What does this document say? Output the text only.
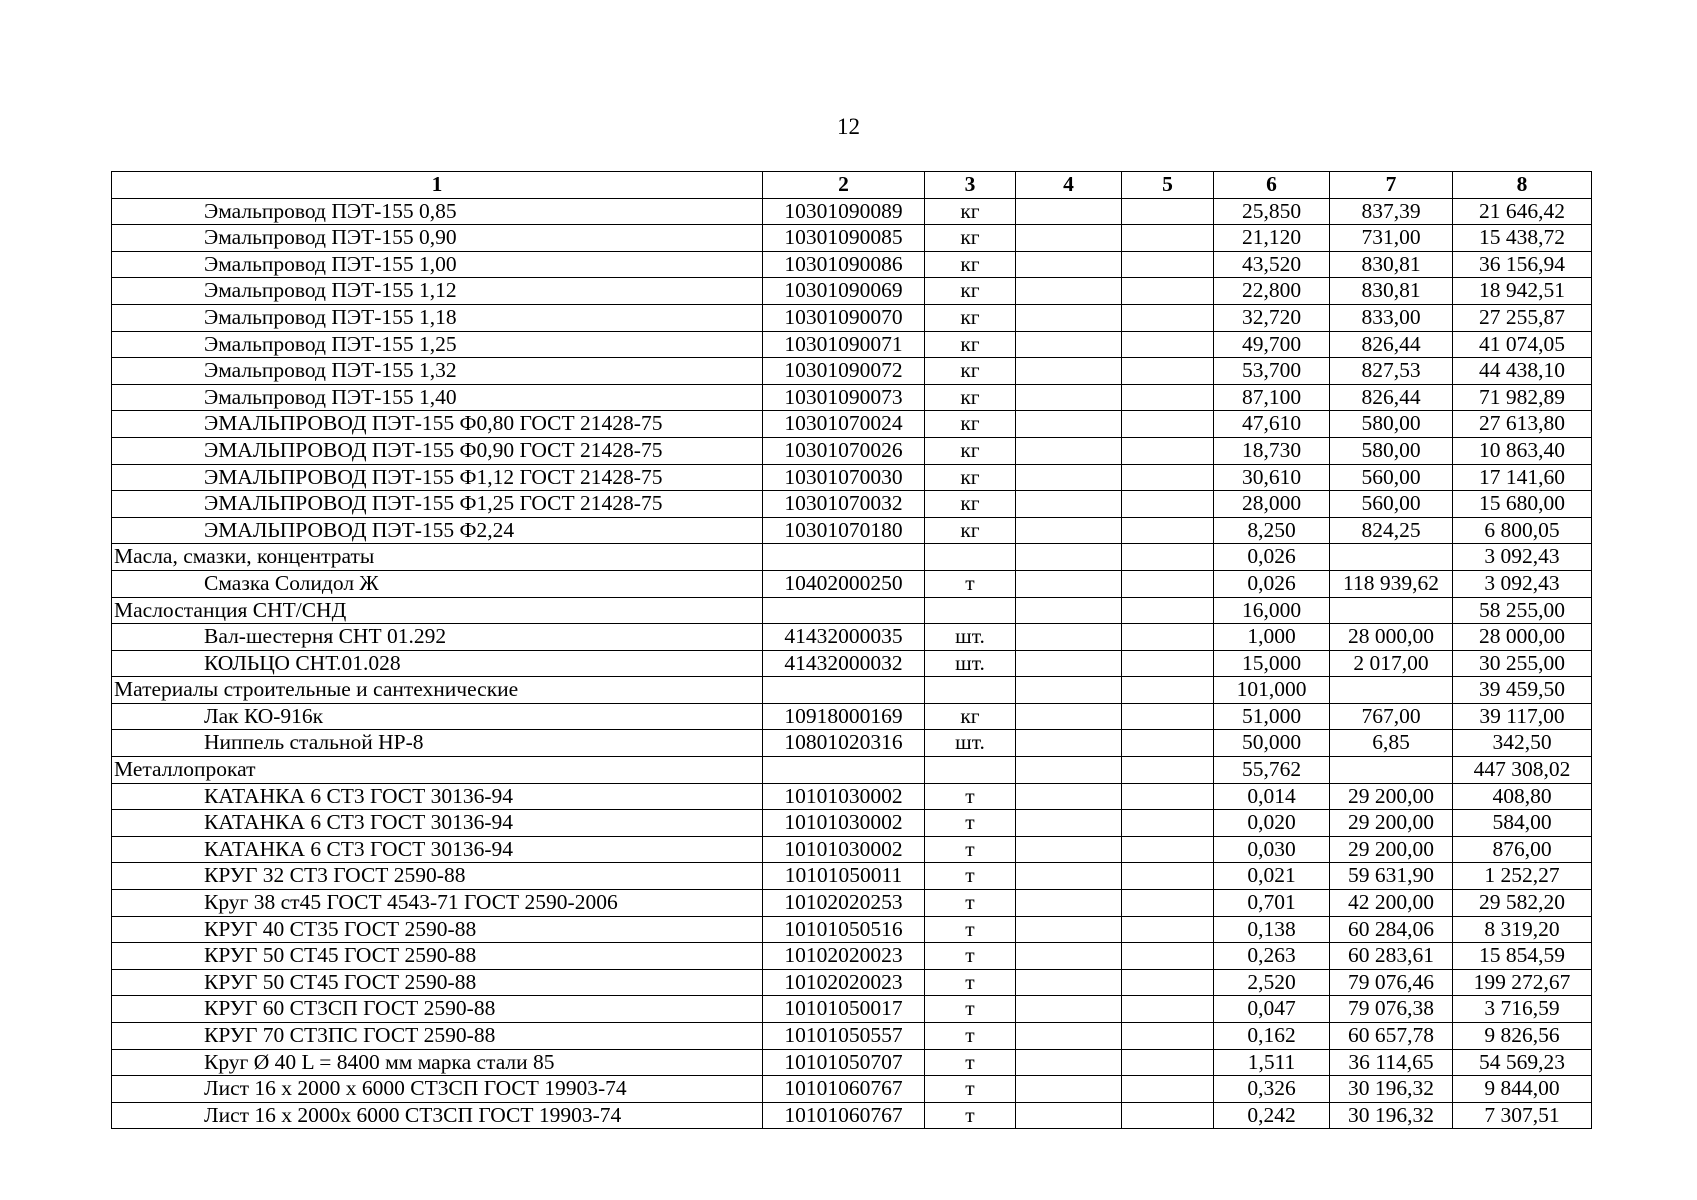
12
1	2	3	4	5	6	7	8
Эмальпровод ПЭТ-155 0,85	10301090089	кг			25,850	837,39	21 646,42
Эмальпровод ПЭТ-155 0,90	10301090085	кг			21,120	731,00	15 438,72
Эмальпровод ПЭТ-155 1,00	10301090086	кг			43,520	830,81	36 156,94
Эмальпровод ПЭТ-155 1,12	10301090069	кг			22,800	830,81	18 942,51
Эмальпровод ПЭТ-155 1,18	10301090070	кг			32,720	833,00	27 255,87
Эмальпровод ПЭТ-155 1,25	10301090071	кг			49,700	826,44	41 074,05
Эмальпровод ПЭТ-155 1,32	10301090072	кг			53,700	827,53	44 438,10
Эмальпровод ПЭТ-155 1,40	10301090073	кг			87,100	826,44	71 982,89
ЭМАЛЬПРОВОД ПЭТ-155 Ф0,80 ГОСТ 21428-75	10301070024	кг			47,610	580,00	27 613,80
ЭМАЛЬПРОВОД ПЭТ-155 Ф0,90 ГОСТ 21428-75	10301070026	кг			18,730	580,00	10 863,40
ЭМАЛЬПРОВОД ПЭТ-155 Ф1,12 ГОСТ 21428-75	10301070030	кг			30,610	560,00	17 141,60
ЭМАЛЬПРОВОД ПЭТ-155 Ф1,25 ГОСТ 21428-75	10301070032	кг			28,000	560,00	15 680,00
ЭМАЛЬПРОВОД ПЭТ-155 Ф2,24	10301070180	кг			8,250	824,25	6 800,05
Масла, смазки, концентраты					0,026		3 092,43
Смазка Солидол Ж	10402000250	т			0,026	118 939,62	3 092,43
Маслостанция СНТ/СНД					16,000		58 255,00
Вал-шестерня СНТ 01.292	41432000035	шт.			1,000	28 000,00	28 000,00
КОЛЬЦО СНТ.01.028	41432000032	шт.			15,000	2 017,00	30 255,00
Материалы строительные и сантехнические					101,000		39 459,50
Лак КО-916к	10918000169	кг			51,000	767,00	39 117,00
Ниппель стальной НР-8	10801020316	шт.			50,000	6,85	342,50
Металлопрокат					55,762		447 308,02
КАТАНКА 6 СТ3 ГОСТ 30136-94	10101030002	т			0,014	29 200,00	408,80
КАТАНКА 6 СТ3 ГОСТ 30136-94	10101030002	т			0,020	29 200,00	584,00
КАТАНКА 6 СТ3 ГОСТ 30136-94	10101030002	т			0,030	29 200,00	876,00
КРУГ 32 СТ3 ГОСТ 2590-88	10101050011	т			0,021	59 631,90	1 252,27
Круг 38 ст45 ГОСТ 4543-71 ГОСТ 2590-2006	10102020253	т			0,701	42 200,00	29 582,20
КРУГ 40 СТ35 ГОСТ 2590-88	10101050516	т			0,138	60 284,06	8 319,20
КРУГ 50 СТ45 ГОСТ 2590-88	10102020023	т			0,263	60 283,61	15 854,59
КРУГ 50 СТ45 ГОСТ 2590-88	10102020023	т			2,520	79 076,46	199 272,67
КРУГ 60 СТ3СП ГОСТ 2590-88	10101050017	т			0,047	79 076,38	3 716,59
КРУГ 70 СТ3ПС ГОСТ 2590-88	10101050557	т			0,162	60 657,78	9 826,56
Круг Ø 40 L = 8400 мм марка стали 85	10101050707	т			1,511	36 114,65	54 569,23
Лист 16 х 2000 х 6000 СТ3СП ГОСТ 19903-74	10101060767	т			0,326	30 196,32	9 844,00
Лист 16 х 2000х 6000 СТ3СП ГОСТ 19903-74	10101060767	т			0,242	30 196,32	7 307,51
